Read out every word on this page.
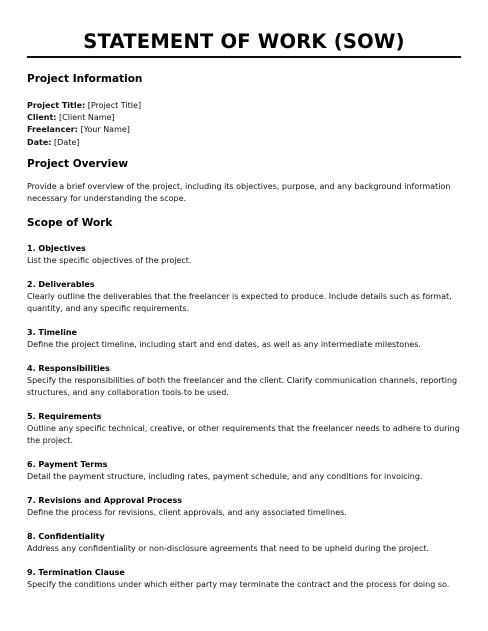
STATEMENT OF WORK (SOW)
Project Information
Project Title: [Project Title]
Client: [Client Name]
Freelancer: [Your Name]
Date: [Date]
Project Overview

Provide a brief overview of the project, including its objectives, purpose, and any background information necessary for understanding the scope.

Scope of Work
1. Objectives

List the specific objectives of the project.

2. Deliverables

Clearly outline the deliverables that the freelancer is expected to produce. Include details such as format, quantity, and any specific requirements.

3. Timeline

Define the project timeline, including start and end dates, as well as any intermediate milestones.

4. Responsibilities

Specify the responsibilities of both the freelancer and the client. Clarify communication channels, reporting structures, and any collaboration tools to be used.

5. Requirements

Outline any specific technical, creative, or other requirements that the freelancer needs to adhere to during the project.

6. Payment Terms

Detail the payment structure, including rates, payment schedule, and any conditions for invoicing.

7. Revisions and Approval Process

Define the process for revisions, client approvals, and any associated timelines.

8. Confidentiality

Address any confidentiality or non-disclosure agreements that need to be upheld during the project.

9. Termination Clause

Specify the conditions under which either party may terminate the contract and the process for doing so.
